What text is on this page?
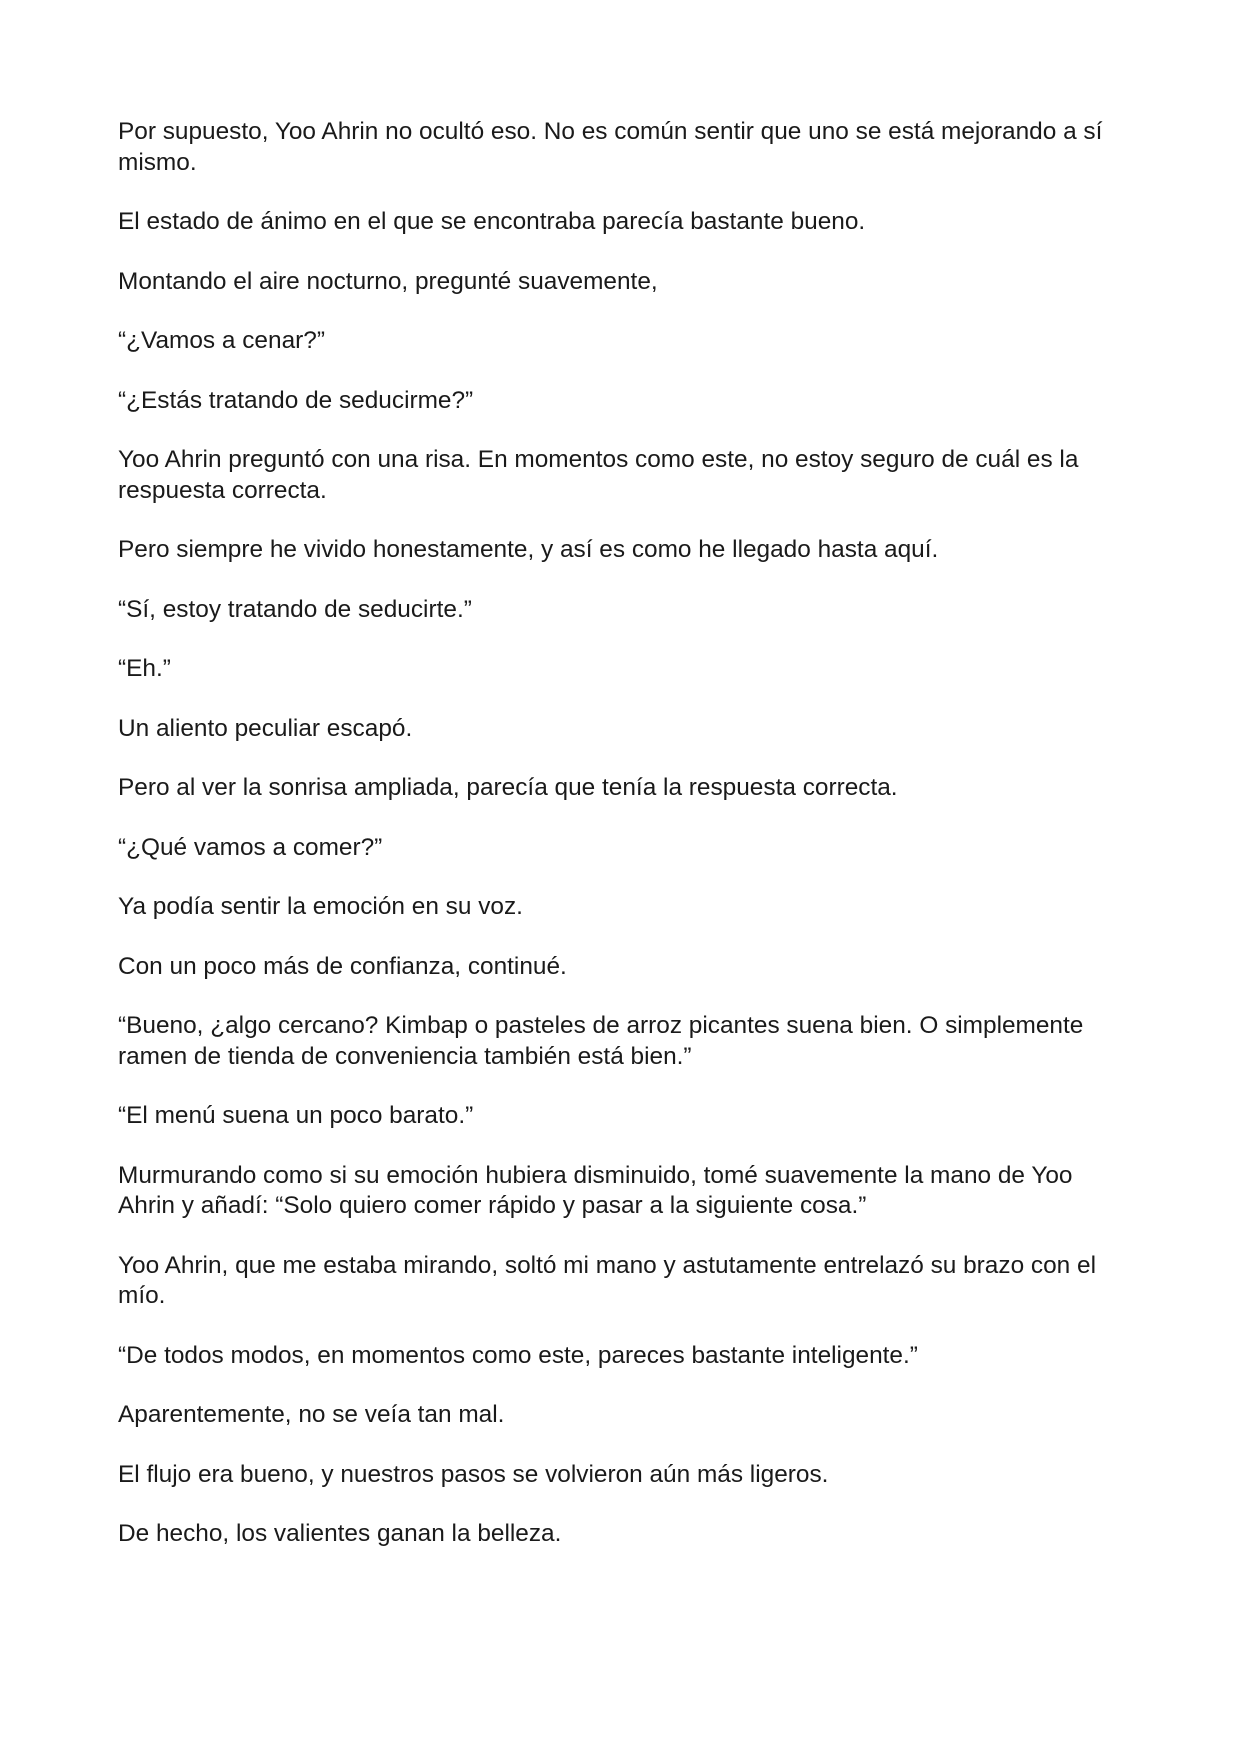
Por supuesto, Yoo Ahrin no ocultó eso. No es común sentir que uno se está mejorando a sí mismo.

El estado de ánimo en el que se encontraba parecía bastante bueno.

Montando el aire nocturno, pregunté suavemente,

“¿Vamos a cenar?”

“¿Estás tratando de seducirme?”

Yoo Ahrin preguntó con una risa. En momentos como este, no estoy seguro de cuál es la respuesta correcta.

Pero siempre he vivido honestamente, y así es como he llegado hasta aquí.

“Sí, estoy tratando de seducirte.”

“Eh.”

Un aliento peculiar escapó.

Pero al ver la sonrisa ampliada, parecía que tenía la respuesta correcta.

“¿Qué vamos a comer?”

Ya podía sentir la emoción en su voz.

Con un poco más de confianza, continué.

“Bueno, ¿algo cercano? Kimbap o pasteles de arroz picantes suena bien. O simplemente ramen de tienda de conveniencia también está bien.”

“El menú suena un poco barato.”

Murmurando como si su emoción hubiera disminuido, tomé suavemente la mano de Yoo Ahrin y añadí: “Solo quiero comer rápido y pasar a la siguiente cosa.”

Yoo Ahrin, que me estaba mirando, soltó mi mano y astutamente entrelazó su brazo con el mío.

“De todos modos, en momentos como este, pareces bastante inteligente.”

Aparentemente, no se veía tan mal.

El flujo era bueno, y nuestros pasos se volvieron aún más ligeros.

De hecho, los valientes ganan la belleza.
